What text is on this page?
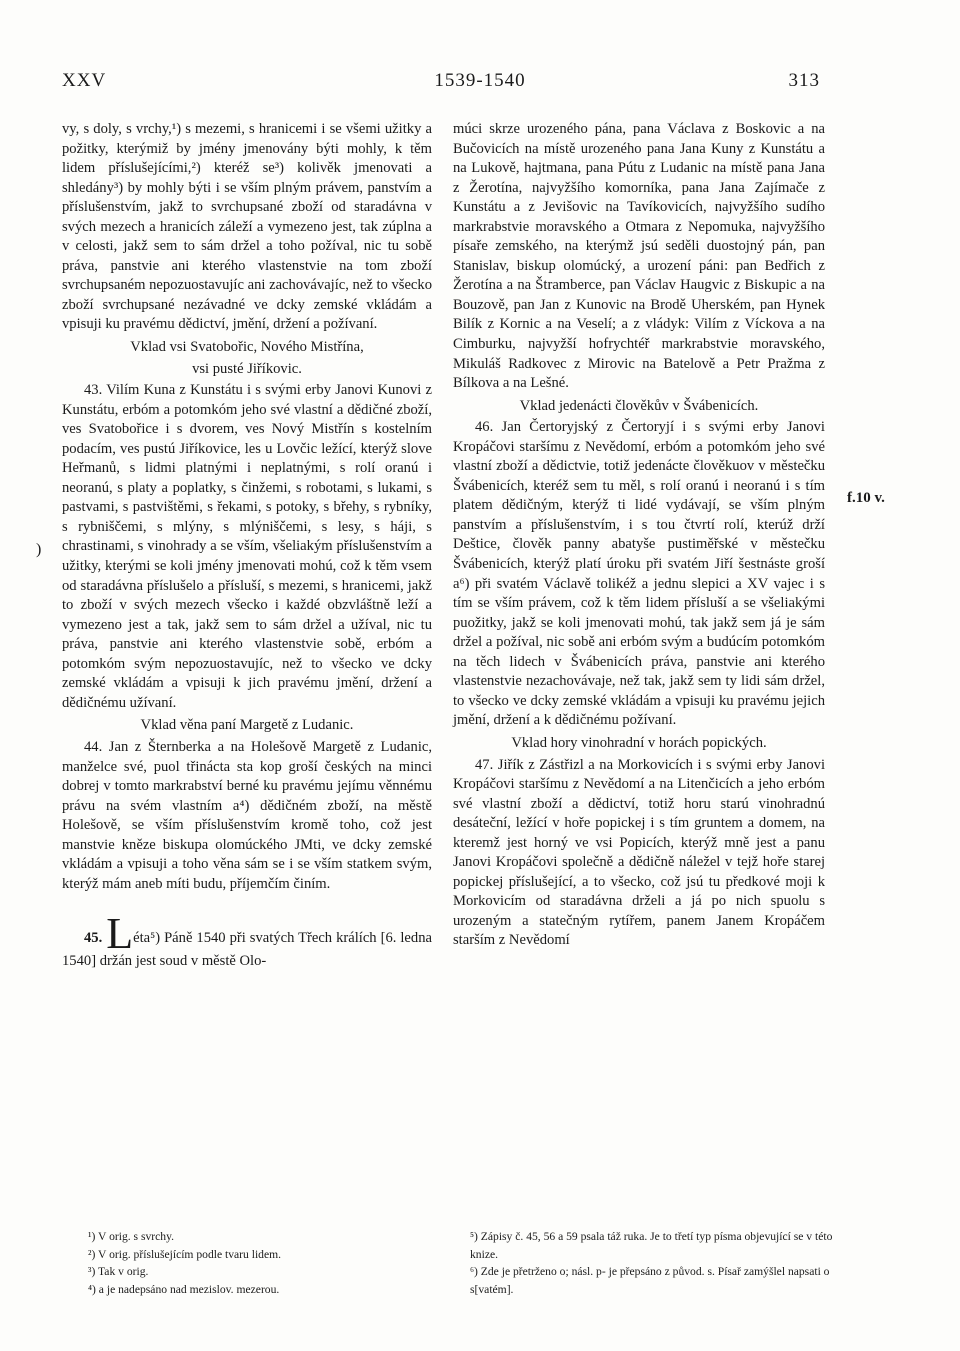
XXV	1539-1540	313
)

vy, s doly, s vrchy,¹) s mezemi, s hranicemi i se všemi užitky a požitky, kterýmiž by jmény jmenovány býti mohly, k těm lidem příslušejícími,²) kteréž se³) kolivěk jmenovati a shledány³) by mohly býti i se vším plným právem, panstvím a příslušenstvím, jakž to svrchupsané zboží od staradávna v svých mezech a hranicích záleží a vymezeno jest, tak zúplna a v celosti, jakž sem to sám držel a toho požíval, nic tu sobě práva, panstvie ani kterého vlastenstvie na tom zboží svrchupsaném nepozuostavujíc ani zachovávajíc, než to všecko zboží svrchupsané nezávadné ve dcky zemské vkládám a vpisuji ku pravému dědictví, jmění, držení a požívaní.

Vklad vsi Svatobořic, Nového Mistřína,

vsi pusté Jiříkovic.

43. Vilím Kuna z Kunstátu i s svými erby Janovi Kunovi z Kunstátu, erbóm a potomkóm jeho své vlastní a dědičné zboží, ves Svatobořice i s dvorem, ves Nový Mistřín s kostelním podacím, ves pustú Jiříkovice, les u Lovčic ležící, kterýž slove Heřmanů, s lidmi platnými i neplatnými, s rolí oranú i neoranú, s platy a poplatky, s činžemi, s robotami, s lukami, s pastvami, s pastvištěmi, s řekami, s potoky, s břehy, s rybníky, s rybniščemi, s mlýny, s mlýniščemi, s lesy, s háji, s chrastinami, s vinohrady a se vším, všeliakým příslušenstvím a užitky, kterými se koli jmény jmenovati mohú, což k těm vsem od staradávna příslušelo a přísluší, s mezemi, s hranicemi, jakž to zboží v svých mezech všecko i každé obzvláštně leží a vymezeno jest a tak, jakž sem to sám držel a užíval, nic tu práva, panstvie ani kterého vlastenstvie sobě, erbóm a potomkóm svým nepozuostavujíc, než to všecko ve dcky zemské vkládám a vpisuji k jich pravému jmění, držení a dědičnému užívaní.

Vklad věna paní Margetě z Ludanic.

44. Jan z Šternberka a na Holešově Margetě z Ludanic, manželce své, puol třinácta sta kop groší českých na minci dobrej v tomto markrabství berné ku pravému jejímu věnnému právu na svém vlastním a⁴) dědičném zboží, na městě Holešově, se vším příslušenstvím kromě toho, což jest manstvie kněze biskupa olomúckého JMti, ve dcky zemské vkládám a vpisuji a toho věna sám se i se vším statkem svým, kterýž mám aneb míti budu, příjemčím činím.

45. Léta⁵) Páně 1540 při svatých Třech králích [6. ledna 1540] držán jest soud v městě Olo-

múci skrze urozeného pána, pana Václava z Boskovic a na Bučovicích na místě urozeného pana Jana Kuny z Kunstátu a na Lukově, hajtmana, pana Pútu z Ludanic na místě pana Jana z Žerotína, najvyžšího komorníka, pana Jana Zajímače z Kunstátu a z Jevišovic na Tavíkovicích, najvyžšího sudího markrabstvie moravského a Otmara z Nepomuka, najvyžšího písaře zemského, na kterýmž jsú seděli duostojný pán, pan Stanislav, biskup olomúcký, a urození páni: pan Bedřich z Žerotína a na Štramberce, pan Václav Haugvic z Biskupic a na Bouzově, pan Jan z Kunovic na Brodě Uherském, pan Hynek Bilík z Kornic a na Veselí; a z vládyk: Vilím z Víckova a na Cimburku, najvyžší hofrychtéř markrabstvie moravského, Mikuláš Radkovec z Mirovic na Batelově a Petr Pražma z Bílkova a na Lešné.

Vklad jedenácti člověkův v Švábenicích.

46. Jan Čertoryjský z Čertoryjí i s svými erby Janovi Kropáčovi staršímu z Nevědomí, erbóm a potomkóm jeho své vlastní zboží a dědictvie, totiž jedenácte člověkuov v městečku Švábenicích, kteréž sem tu měl, s rolí oranú i neoranú i s tím platem dědičným, kterýž ti lidé vydávají, se vším plným panstvím a příslušenstvím, i s tou čtvrtí rolí, kterúž drží Deštice, člověk panny abatyše pustiměřské v městečku Švábenicích, kterýž platí úroku při svatém Jiří šestnáste groší a⁶) při svatém Václavě tolikéž a jednu slepici a XV vajec i s tím se vším právem, což k těm lidem přísluší a se všeliakými puožitky, jakž se koli jmenovati mohú, tak jakž sem já je sám držel a požíval, nic sobě ani erbóm svým a budúcím potomkóm na těch lidech v Švábenicích práva, panstvie ani kterého vlastenstvie nezachovávaje, než tak, jakž sem ty lidi sám držel, to všecko ve dcky zemské vkládám a vpisuji ku pravému jejich jmění, držení a k dědičnému požívaní.

Vklad hory vinohradní v horách popických.

47. Jiřík z Zástřizl a na Morkovicích i s svými erby Janovi Kropáčovi staršímu z Nevědomí a na Litenčicích a jeho erbóm své vlastní zboží a dědictví, totiž horu starú vinohradnú desáteční, ležící v hoře popickej i s tím gruntem a domem, na kteremž jest horný ve vsi Popicích, kterýž mně jest a panu Janovi Kropáčovi společně a dědičně náležel v tejž hoře starej popickej příslušející, a to všecko, což jsú tu předkové moji k Morkovicím od staradávna drželi a já po nich spuolu s urozeným a statečným rytířem, panem Janem Kropáčem starším z Nevědomí

f.10 v.
¹) V orig. s svrchy.
²) V orig. příslušejícím podle tvaru lidem.
³) Tak v orig.
⁴) a je nadepsáno nad mezislov. mezerou.
⁵) Zápisy č. 45, 56 a 59 psala táž ruka. Je to třetí typ písma objevující se v této knize.
⁶) Zde je přetrženo o; násl. p- je přepsáno z původ. s. Písař zamýšlel napsati o s[vatém].
